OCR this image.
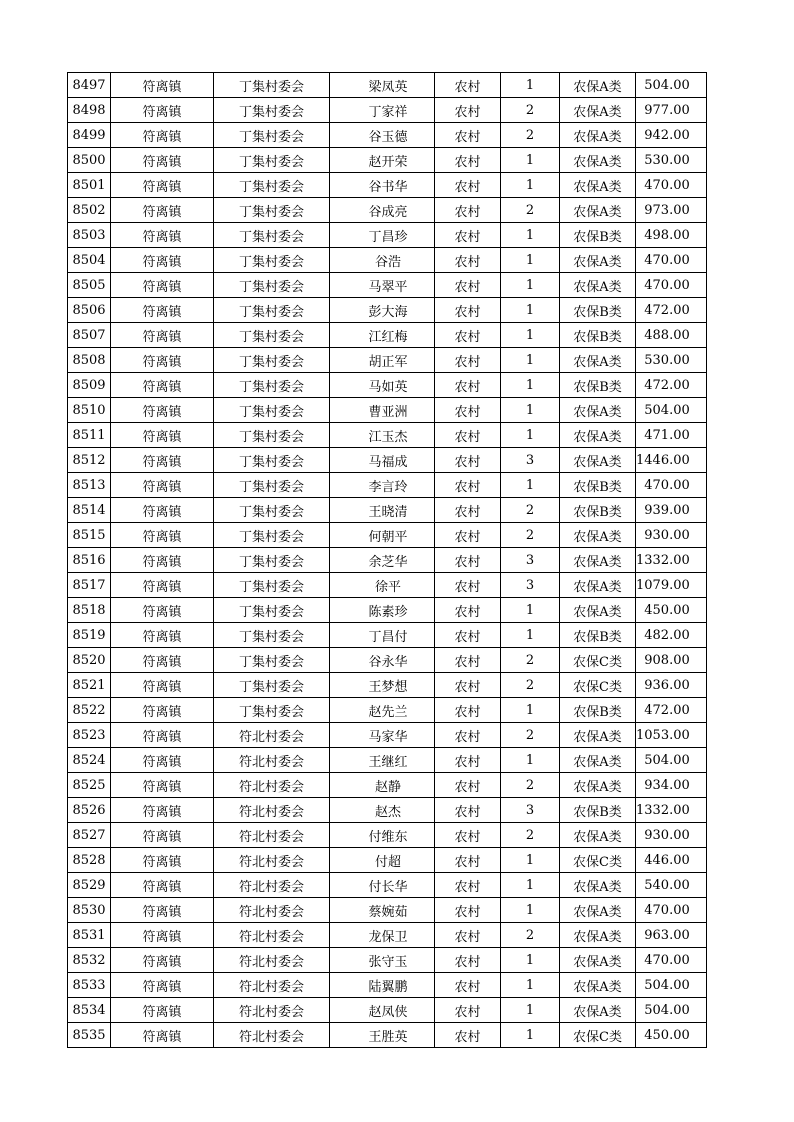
8497	符离镇	丁集村委会	梁凤英	农村	1	农保A类	504.00
8498	符离镇	丁集村委会	丁家祥	农村	2	农保A类	977.00
8499	符离镇	丁集村委会	谷玉德	农村	2	农保A类	942.00
8500	符离镇	丁集村委会	赵开荣	农村	1	农保A类	530.00
8501	符离镇	丁集村委会	谷书华	农村	1	农保A类	470.00
8502	符离镇	丁集村委会	谷成亮	农村	2	农保A类	973.00
8503	符离镇	丁集村委会	丁昌珍	农村	1	农保B类	498.00
8504	符离镇	丁集村委会	谷浩	农村	1	农保A类	470.00
8505	符离镇	丁集村委会	马翠平	农村	1	农保A类	470.00
8506	符离镇	丁集村委会	彭大海	农村	1	农保B类	472.00
8507	符离镇	丁集村委会	江红梅	农村	1	农保B类	488.00
8508	符离镇	丁集村委会	胡正军	农村	1	农保A类	530.00
8509	符离镇	丁集村委会	马如英	农村	1	农保B类	472.00
8510	符离镇	丁集村委会	曹亚洲	农村	1	农保A类	504.00
8511	符离镇	丁集村委会	江玉杰	农村	1	农保A类	471.00
8512	符离镇	丁集村委会	马福成	农村	3	农保A类	1446.00
8513	符离镇	丁集村委会	李言玲	农村	1	农保B类	470.00
8514	符离镇	丁集村委会	王晓清	农村	2	农保B类	939.00
8515	符离镇	丁集村委会	何朝平	农村	2	农保A类	930.00
8516	符离镇	丁集村委会	余芝华	农村	3	农保A类	1332.00
8517	符离镇	丁集村委会	徐平	农村	3	农保A类	1079.00
8518	符离镇	丁集村委会	陈素珍	农村	1	农保A类	450.00
8519	符离镇	丁集村委会	丁昌付	农村	1	农保B类	482.00
8520	符离镇	丁集村委会	谷永华	农村	2	农保C类	908.00
8521	符离镇	丁集村委会	王梦想	农村	2	农保C类	936.00
8522	符离镇	丁集村委会	赵先兰	农村	1	农保B类	472.00
8523	符离镇	符北村委会	马家华	农村	2	农保A类	1053.00
8524	符离镇	符北村委会	王继红	农村	1	农保A类	504.00
8525	符离镇	符北村委会	赵静	农村	2	农保A类	934.00
8526	符离镇	符北村委会	赵杰	农村	3	农保B类	1332.00
8527	符离镇	符北村委会	付维东	农村	2	农保A类	930.00
8528	符离镇	符北村委会	付超	农村	1	农保C类	446.00
8529	符离镇	符北村委会	付长华	农村	1	农保A类	540.00
8530	符离镇	符北村委会	蔡婉茹	农村	1	农保A类	470.00
8531	符离镇	符北村委会	龙保卫	农村	2	农保A类	963.00
8532	符离镇	符北村委会	张守玉	农村	1	农保A类	470.00
8533	符离镇	符北村委会	陆翼鹏	农村	1	农保A类	504.00
8534	符离镇	符北村委会	赵凤侠	农村	1	农保A类	504.00
8535	符离镇	符北村委会	王胜英	农村	1	农保C类	450.00
